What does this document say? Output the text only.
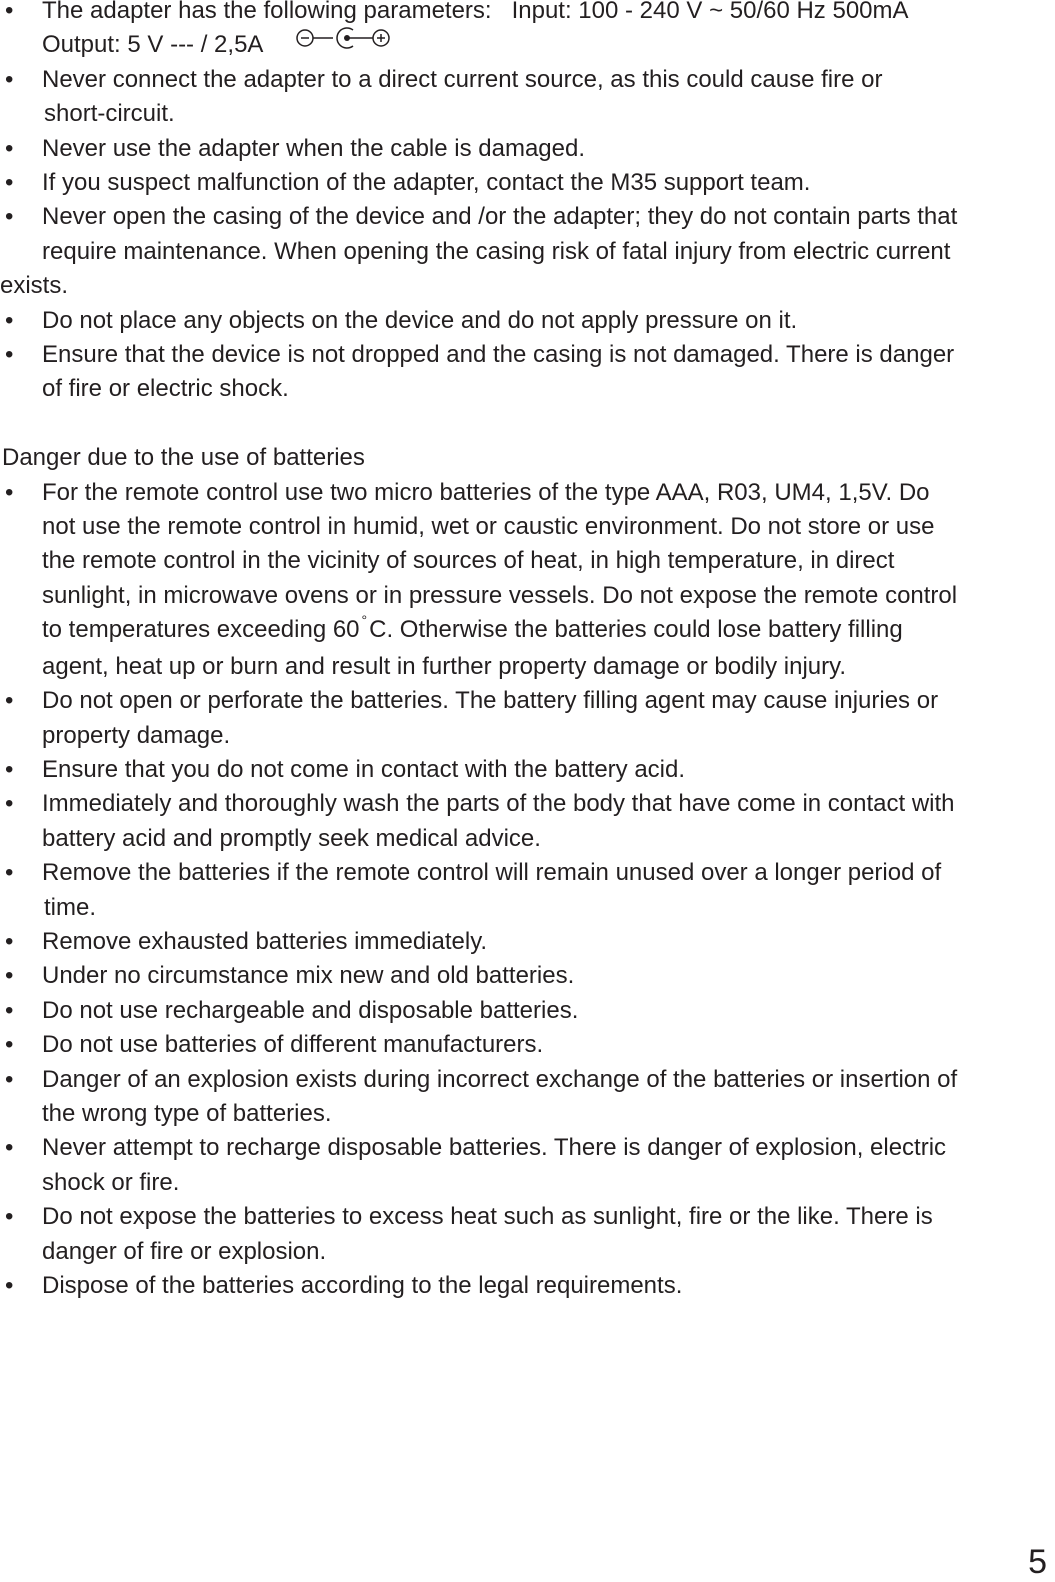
• The adapter has the following parameters: Input: 100 - 240 V ~ 50/60 Hz 500mA
Output: 5 V --- / 2,5A
• Never connect the adapter to a direct current source, as this could cause fire or
short-circuit.
• Never use the adapter when the cable is damaged.
• If you suspect malfunction of the adapter, contact the M35 support team.
• Never open the casing of the device and /or the adapter; they do not contain parts that
require maintenance. When opening the casing risk of fatal injury from electric current
exists.
• Do not place any objects on the device and do not apply pressure on it.
• Ensure that the device is not dropped and the casing is not damaged. There is danger
of fire or electric shock.

Danger due to the use of batteries

• For the remote control use two micro batteries of the type AAA, R03, UM4, 1,5V. Do
not use the remote control in humid, wet or caustic environment. Do not store or use
the remote control in the vicinity of sources of heat, in high temperature, in direct
sunlight, in microwave ovens or in pressure vessels. Do not expose the remote control
to temperatures exceeding 60 °C. Otherwise the batteries could lose battery filling
agent, heat up or burn and result in further property damage or bodily injury.
• Do not open or perforate the batteries. The battery filling agent may cause injuries or
property damage.
• Ensure that you do not come in contact with the battery acid.
• Immediately and thoroughly wash the parts of the body that have come in contact with
battery acid and promptly seek medical advice.
• Remove the batteries if the remote control will remain unused over a longer period of
time.
• Remove exhausted batteries immediately.
• Under no circumstance mix new and old batteries.
• Do not use rechargeable and disposable batteries.
• Do not use batteries of different manufacturers.
• Danger of an explosion exists during incorrect exchange of the batteries or insertion of
the wrong type of batteries.
• Never attempt to recharge disposable batteries. There is danger of explosion, electric
shock or fire.
• Do not expose the batteries to excess heat such as sunlight, fire or the like. There is
danger of fire or explosion.
• Dispose of the batteries according to the legal requirements.
5
